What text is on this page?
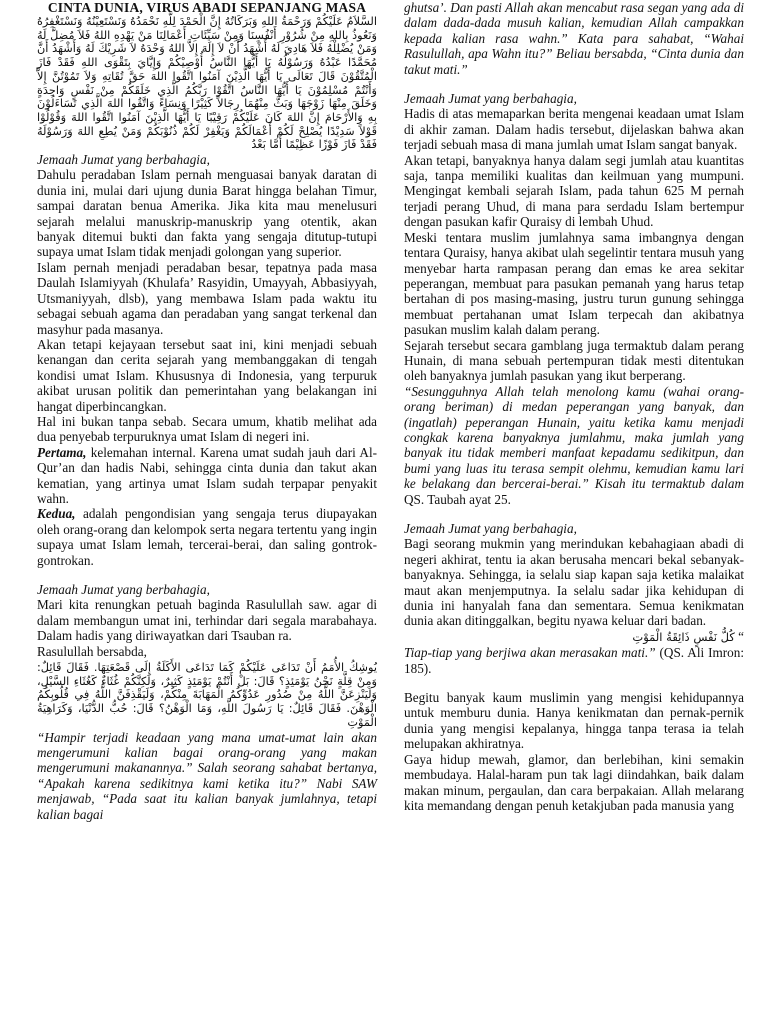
CINTA DUNIA, VIRUS ABADI SEPANJANG MASA

السَّلاَمُ عَلَيْكُمْ وَرَحْمَةُ اللهِ وَبَرَكَاتُهُ إِنَّ الْحَمْدَ لِلَّهِ نَحْمَدُهُ وَنَسْتَعِيْنُهُ وَنَسْتَغْفِرُهُ وَنَعُوذُ بِاللهِ مِنْ شُرُوْرِ أَنْفُسِنَا وَمِنْ سَيِّئَاتِ أَعْمَالِنَا مَنْ يَهْدِهِ اللهُ فَلاَ مُضِلَّ لَهُ وَمَنْ يُضْلِلْهُ فَلاَ هَادِيَ لَهُ أَشْهَدُ أَنْ لاَ إِلَهَ إِلاَّ اللهُ وَحْدَهُ لاَ شَرِيْكَ لَهُ وَأَشْهَدُ أَنَّ مُحَمَّدًا عَبْدُهُ وَرَسُوْلُهُ يَا أَيُّهَا النَّاسُ أُوْصِيْكُمْ وَإِيَّايَ بِتَقْوَى اللهِ فَقَدْ فَازَ الْمُتَّقُوْنَ قَالَ تَعَالَى يَا أَيُّهَا الَّذِيْنَ آمَنُوا اتَّقُوا اللهَ حَقَّ تُقَاتِهِ وَلاَ تَمُوْتُنَّ إِلاَّ وَأَنْتُمْ مُسْلِمُوْنَ يَا أَيُّهَا النَّاسُ اتَّقُوْا رَبَّكُمُ الَّذِي خَلَقَكُمْ مِنْ نَفْسٍ وَاحِدَةٍ وَخَلَقَ مِنْهَا زَوْجَهَا وَبَثَّ مِنْهُمَا رِجَالاً كَثِيْرًا وَنِسَاءً وَاتَّقُوا اللهَ الَّذِي تَسَاءَلُوْنَ بِهِ وَالأَرْحَامَ إِنَّ اللهَ كَانَ عَلَيْكُمْ رَقِيْبًا يَا أَيُّهَا الَّذِيْنَ آمَنُوا اتَّقُوا اللهَ وَقُوْلُوْا قَوْلاً سَدِيْدًا يُصْلِحْ لَكُمْ أَعْمَالَكُمْ وَيَغْفِرْ لَكُمْ ذُنُوْبَكُمْ وَمَنْ يُطِعِ اللهَ وَرَسُوْلَهُ فَقَدْ فَازَ فَوْزًا عَظِيْمًا أَمَّا بَعْدُ

Jemaah Jumat yang berbahagia,

Dahulu peradaban Islam pernah menguasai banyak daratan di dunia ini, mulai dari ujung dunia Barat hingga belahan Timur, sampai daratan benua Amerika. Jika kita mau menelusuri sejarah melalui manuskrip-manuskrip yang otentik, akan banyak ditemui bukti dan fakta yang sengaja ditutup-tutupi supaya umat Islam tidak menjadi golongan yang superior.

Islam pernah menjadi peradaban besar, tepatnya pada masa Daulah Islamiyyah (Khulafa’ Rasyidin, Umayyah, Abbasiyyah, Utsmaniyyah, dlsb), yang membawa Islam pada waktu itu sebagai sebuah agama dan peradaban yang sangat terkenal dan masyhur pada masanya.

Akan tetapi kejayaan tersebut saat ini, kini menjadi sebuah kenangan dan cerita sejarah yang membanggakan di tengah kondisi umat Islam. Khususnya di Indonesia, yang terpuruk akibat urusan politik dan pemerintahan yang belakangan ini hangat diperbincangkan.

Hal ini bukan tanpa sebab. Secara umum, khatib melihat ada dua penyebab terpuruknya umat Islam di negeri ini.

Pertama, kelemahan internal. Karena umat sudah jauh dari Al-Qur’an dan hadis Nabi, sehingga cinta dunia dan takut akan kematian, yang artinya umat Islam sudah terpapar penyakit wahn.

Kedua, adalah pengondisian yang sengaja terus diupayakan oleh orang-orang dan kelompok serta negara tertentu yang ingin supaya umat Islam lemah, tercerai-berai, dan saling gontrok-gontrokan.

Jemaah Jumat yang berbahagia,

Mari kita renungkan petuah baginda Rasulullah saw. agar di dalam membangun umat ini, terhindar dari segala marabahaya. Dalam hadis yang diriwayatkan dari Tsauban ra.

Rasulullah bersabda,

يُوشِكُ الأُمَمُ أَنْ تَدَاعَى عَلَيْكُمْ كَمَا تَدَاعَى الأَكَلَةُ إِلَى قَصْعَتِهَا. فَقَالَ قَائِلٌ: وَمِنْ قِلَّةٍ نَحْنُ يَوْمَئِذٍ؟ قَالَ: بَلْ أَنْتُمْ يَوْمَئِذٍ كَثِيرٌ، وَلَكِنَّكُمْ غُثَاءٌ كَغُثَاءِ السَّيْلِ، وَلَيَنْزِعَنَّ اللَّهُ مِنْ صُدُورِ عَدُوِّكُمُ الْمَهَابَةَ مِنْكُمْ، وَلَيَقْذِفَنَّ اللَّهُ فِي قُلُوبِكُمُ الْوَهْنَ. فَقَالَ قَائِلٌ: يَا رَسُولَ اللَّهِ، وَمَا الْوَهْنُ؟ قَالَ: حُبُّ الدُّنْيَا، وَكَرَاهِيَةُ الْمَوْتِ

“Hampir terjadi keadaan yang mana umat-umat lain akan mengerumuni kalian bagai orang-orang yang makan mengerumuni makanannya.” Salah seorang sahabat bertanya, “Apakah karena sedikitnya kami ketika itu?” Nabi SAW menjawab, “Pada saat itu kalian banyak jumlahnya, tetapi kalian bagai

ghutsa’. Dan pasti Allah akan mencabut rasa segan yang ada di dalam dada-dada musuh kalian, kemudian Allah campakkan kepada kalian rasa wahn.” Kata para sahabat, “Wahai Rasulullah, apa Wahn itu?” Beliau bersabda, “Cinta dunia dan takut mati.”

Jemaah Jumat yang berbahagia,

Hadis di atas memaparkan berita mengenai keadaan umat Islam di akhir zaman. Dalam hadis tersebut, dijelaskan bahwa akan terjadi sebuah masa di mana jumlah umat Islam sangat banyak.

Akan tetapi, banyaknya hanya dalam segi jumlah atau kuantitas saja, tanpa memiliki kualitas dan keilmuan yang mumpuni. Mengingat kembali sejarah Islam, pada tahun 625 M pernah terjadi perang Uhud, di mana para serdadu Islam bertempur dengan pasukan kafir Quraisy di lembah Uhud.

Meski tentara muslim jumlahnya sama imbangnya dengan tentara Quraisy, hanya akibat ulah segelintir tentara musuh yang menyebar harta rampasan perang dan emas ke area sekitar peperangan, membuat para pasukan pemanah yang harus tetap bertahan di pos masing-masing, justru turun gunung sehingga membuat pertahanan umat Islam terpecah dan akibatnya pasukan muslim kalah dalam perang.

Sejarah tersebut secara gamblang juga termaktub dalam perang Hunain, di mana sebuah pertempuran tidak mesti ditentukan oleh banyaknya jumlah pasukan yang ikut berperang.

“Sesungguhnya Allah telah menolong kamu (wahai orang-orang beriman) di medan peperangan yang banyak, dan (ingatlah) peperangan Hunain, yaitu ketika kamu menjadi congkak karena banyaknya jumlahmu, maka jumlah yang banyak itu tidak memberi manfaat kepadamu sedikitpun, dan bumi yang luas itu terasa sempit olehmu, kemudian kamu lari ke belakang dan bercerai-berai.” Kisah itu termaktub dalam QS. Taubah ayat 25.

Jemaah Jumat yang berbahagia,

Bagi seorang mukmin yang merindukan kebahagiaan abadi di negeri akhirat, tentu ia akan berusaha mencari bekal sebanyak-banyaknya. Sehingga, ia selalu siap kapan saja ketika malaikat maut akan menjemputnya. Ia selalu sadar jika kehidupan di dunia ini hanyalah fana dan sementara. Semua kenikmatan dunia akan ditinggalkan, begitu nyawa keluar dari badan.

كُلُّ نَفْسٍ ذَائِقَةُ الْمَوْتِ “

Tiap-tiap yang berjiwa akan merasakan mati.” (QS. Ali Imron: 185).

Begitu banyak kaum muslimin yang mengisi kehidupannya untuk memburu dunia. Hanya kenikmatan dan pernak-pernik dunia yang mengisi kepalanya, hingga tanpa terasa ia telah melupakan akhiratnya.

Gaya hidup mewah, glamor, dan berlebihan, kini semakin membudaya. Halal-haram pun tak lagi diindahkan, baik dalam makan minum, pergaulan, dan cara berpakaian. Allah melarang kita memandang dengan penuh ketakjuban pada manusia yang
